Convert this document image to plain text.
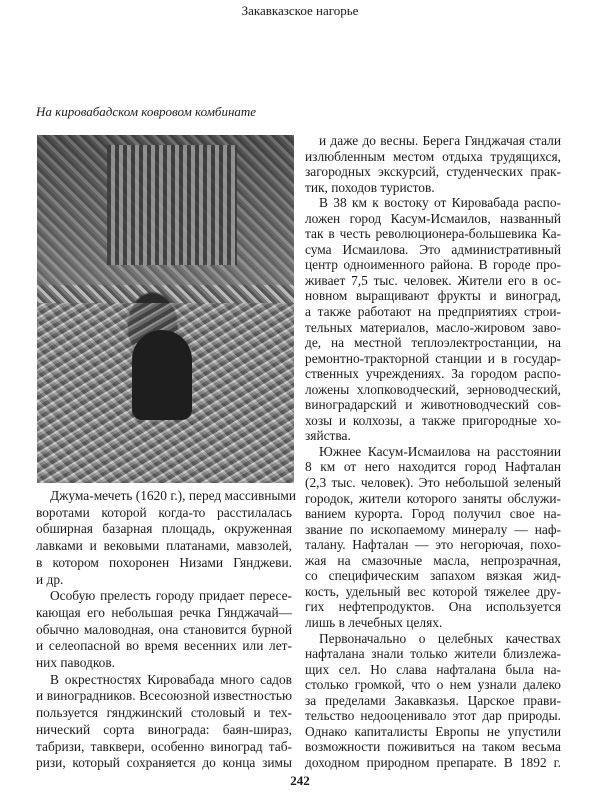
Закавказское нагорье
На кировабадском ковровом комбинате
Джума-мечеть (1620 г.), перед массивными
воротами которой когда-то расстилалась
обширная базарная площадь, окруженная
лавками и вековыми платанами, мавзолей,
в котором похоронен Низами Гянджеви.
и др.
Особую прелесть городу придает пересе-
кающая его небольшая речка Гянджачай—
обычно маловодная, она становится бурной
и селеопасной во время весенних или лет-
них паводков.
В окрестностях Кировабада много садов
и виноградников. Всесоюзной известностью
пользуется гянджинский столовый и тех-
нический сорта винограда: баян-шираз,
табризи, тавквери, особенно виноград таб-
ризи, который сохраняется до конца зимы
и даже до весны. Берега Гянджачая стали
излюбленным местом отдыха трудящихся,
загородных экскурсий, студенческих прак-
тик, походов туристов.
В 38 км к востоку от Кировабада распо-
ложен город Касум-Исмаилов, названный
так в честь революционера-большевика Ка-
сума Исмаилова. Это административный
центр одноименного района. В городе про-
живает 7,5 тыс. человек. Жители его в ос-
новном выращивают фрукты и виноград,
а также работают на предприятиях строи-
тельных материалов, масло-жировом заво-
де, на местной теплоэлектростанции, на
ремонтно-тракторной станции и в государ-
ственных учреждениях. За городом распо-
ложены хлопководческий, зерноводческий,
виноградарский и животноводческий сов-
хозы и колхозы, а также пригородные хо-
зяйства.
Южнее Касум-Исмаилова на расстоянии
8 км от него находится город Нафталан
(2,3 тыс. человек). Это небольшой зеленый
городок, жители которого заняты обслужи-
ванием курорта. Город получил свое на-
звание по ископаемому минералу — наф-
талану. Нафталан — это негорючая, похо-
жая на смазочные масла, непрозрачная,
со специфическим запахом вязкая жид-
кость, удельный вес которой тяжелее дру-
гих нефтепродуктов. Она используется
лишь в лечебных целях.
Первоначально о целебных качествах
нафталана знали только жители близлежа-
щих сел. Но слава нафталана была на-
столько громкой, что о нем узнали далеко
за пределами Закавказья. Царское прави-
тельство недооценивало этот дар природы.
Однако капиталисты Европы не упустили
возможности поживиться на таком весьма
доходном природном препарате. В 1892 г.
242
